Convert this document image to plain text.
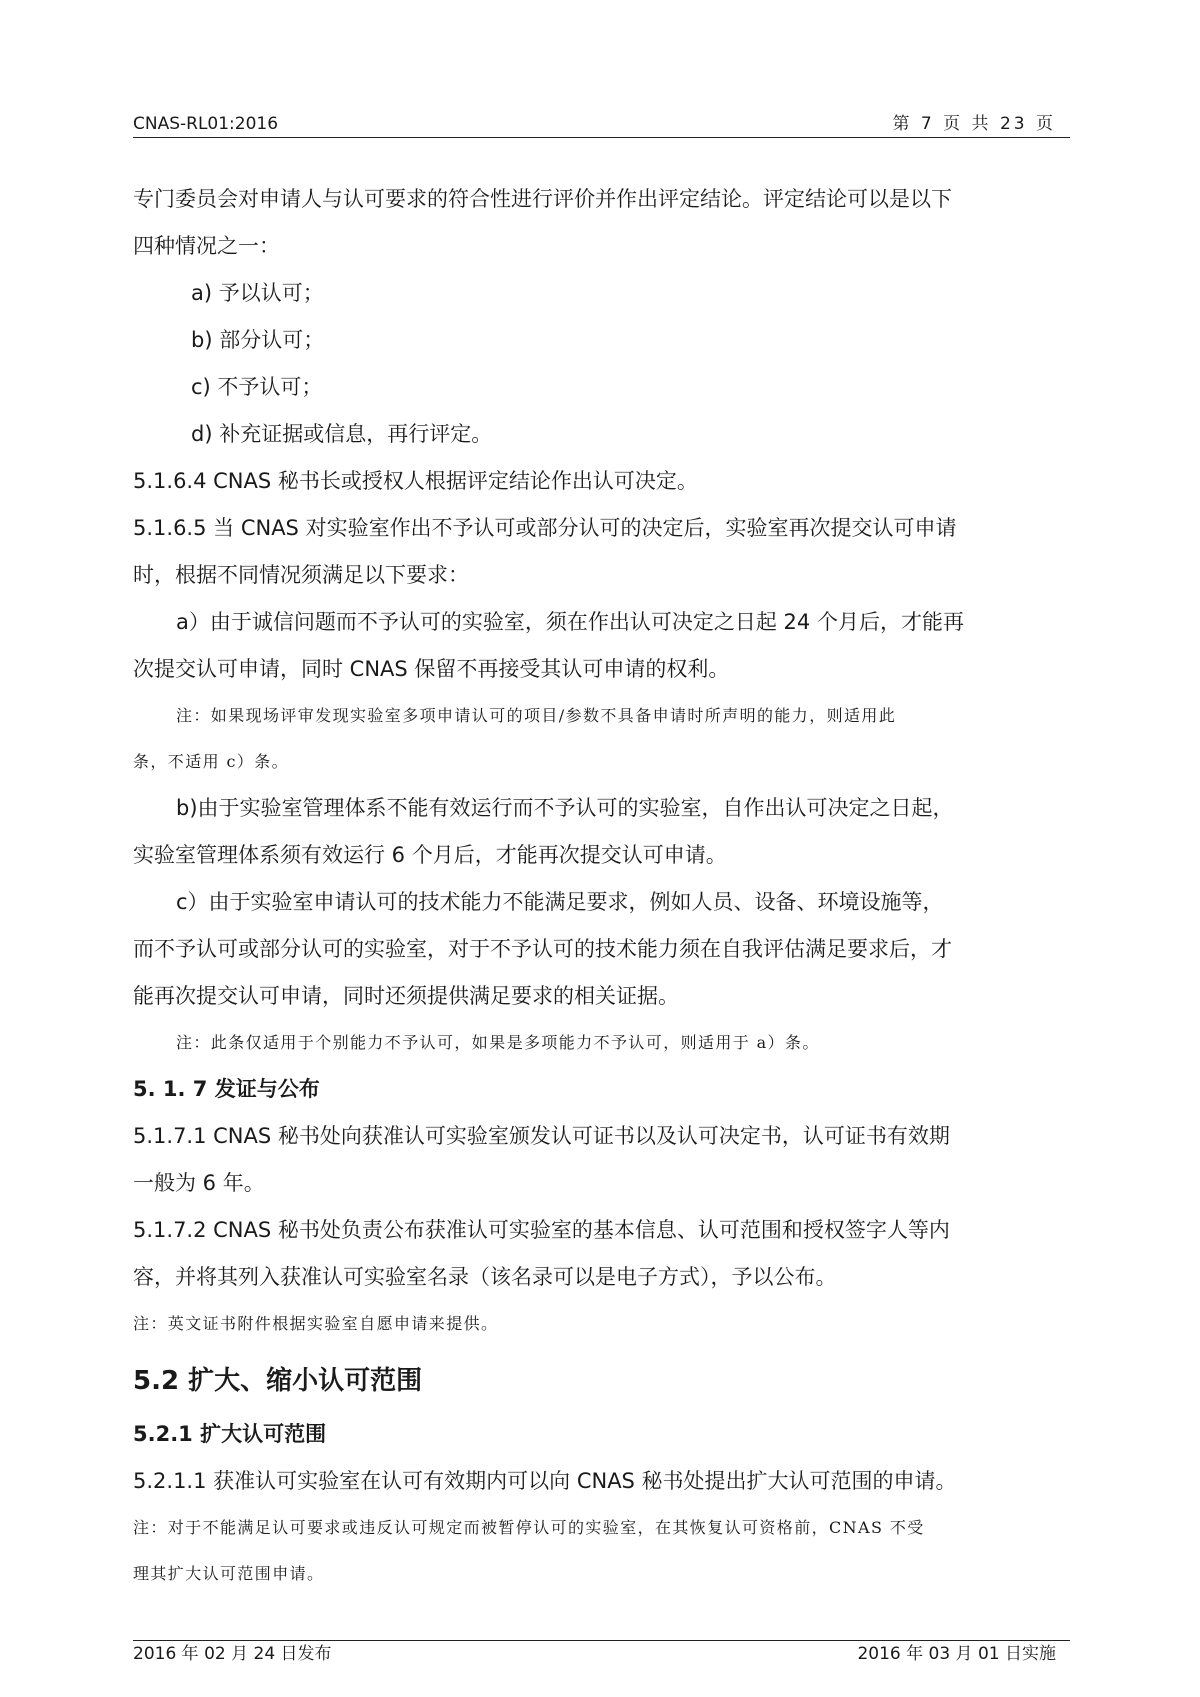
CNAS-RL01:2016	第 7 页 共 23 页

专门委员会对申请人与认可要求的符合性进行评价并作出评定结论。评定结论可以是以下

四种情况之一：

a) 予以认可；

b) 部分认可；

c) 不予认可；

d) 补充证据或信息，再行评定。

5.1.6.4 CNAS 秘书长或授权人根据评定结论作出认可决定。

5.1.6.5 当 CNAS 对实验室作出不予认可或部分认可的决定后，实验室再次提交认可申请

时，根据不同情况须满足以下要求：

a）由于诚信问题而不予认可的实验室，须在作出认可决定之日起 24 个月后，才能再

次提交认可申请，同时 CNAS 保留不再接受其认可申请的权利。

注：如果现场评审发现实验室多项申请认可的项目/参数不具备申请时所声明的能力，则适用此

条，不适用 c）条。

b)由于实验室管理体系不能有效运行而不予认可的实验室，自作出认可决定之日起，

实验室管理体系须有效运行 6 个月后，才能再次提交认可申请。

c）由于实验室申请认可的技术能力不能满足要求，例如人员、设备、环境设施等，

而不予认可或部分认可的实验室，对于不予认可的技术能力须在自我评估满足要求后，才

能再次提交认可申请，同时还须提供满足要求的相关证据。

注：此条仅适用于个别能力不予认可，如果是多项能力不予认可，则适用于 a）条。

5. 1. 7 发证与公布

5.1.7.1 CNAS 秘书处向获准认可实验室颁发认可证书以及认可决定书，认可证书有效期

一般为 6 年。

5.1.7.2 CNAS 秘书处负责公布获准认可实验室的基本信息、认可范围和授权签字人等内

容，并将其列入获准认可实验室名录（该名录可以是电子方式），予以公布。

注：英文证书附件根据实验室自愿申请来提供。

5.2 扩大、缩小认可范围

5.2.1 扩大认可范围

5.2.1.1 获准认可实验室在认可有效期内可以向 CNAS 秘书处提出扩大认可范围的申请。

注：对于不能满足认可要求或违反认可规定而被暂停认可的实验室，在其恢复认可资格前，CNAS 不受

理其扩大认可范围申请。

2016 年 02 月 24 日发布	2016 年 03 月 01 日实施
